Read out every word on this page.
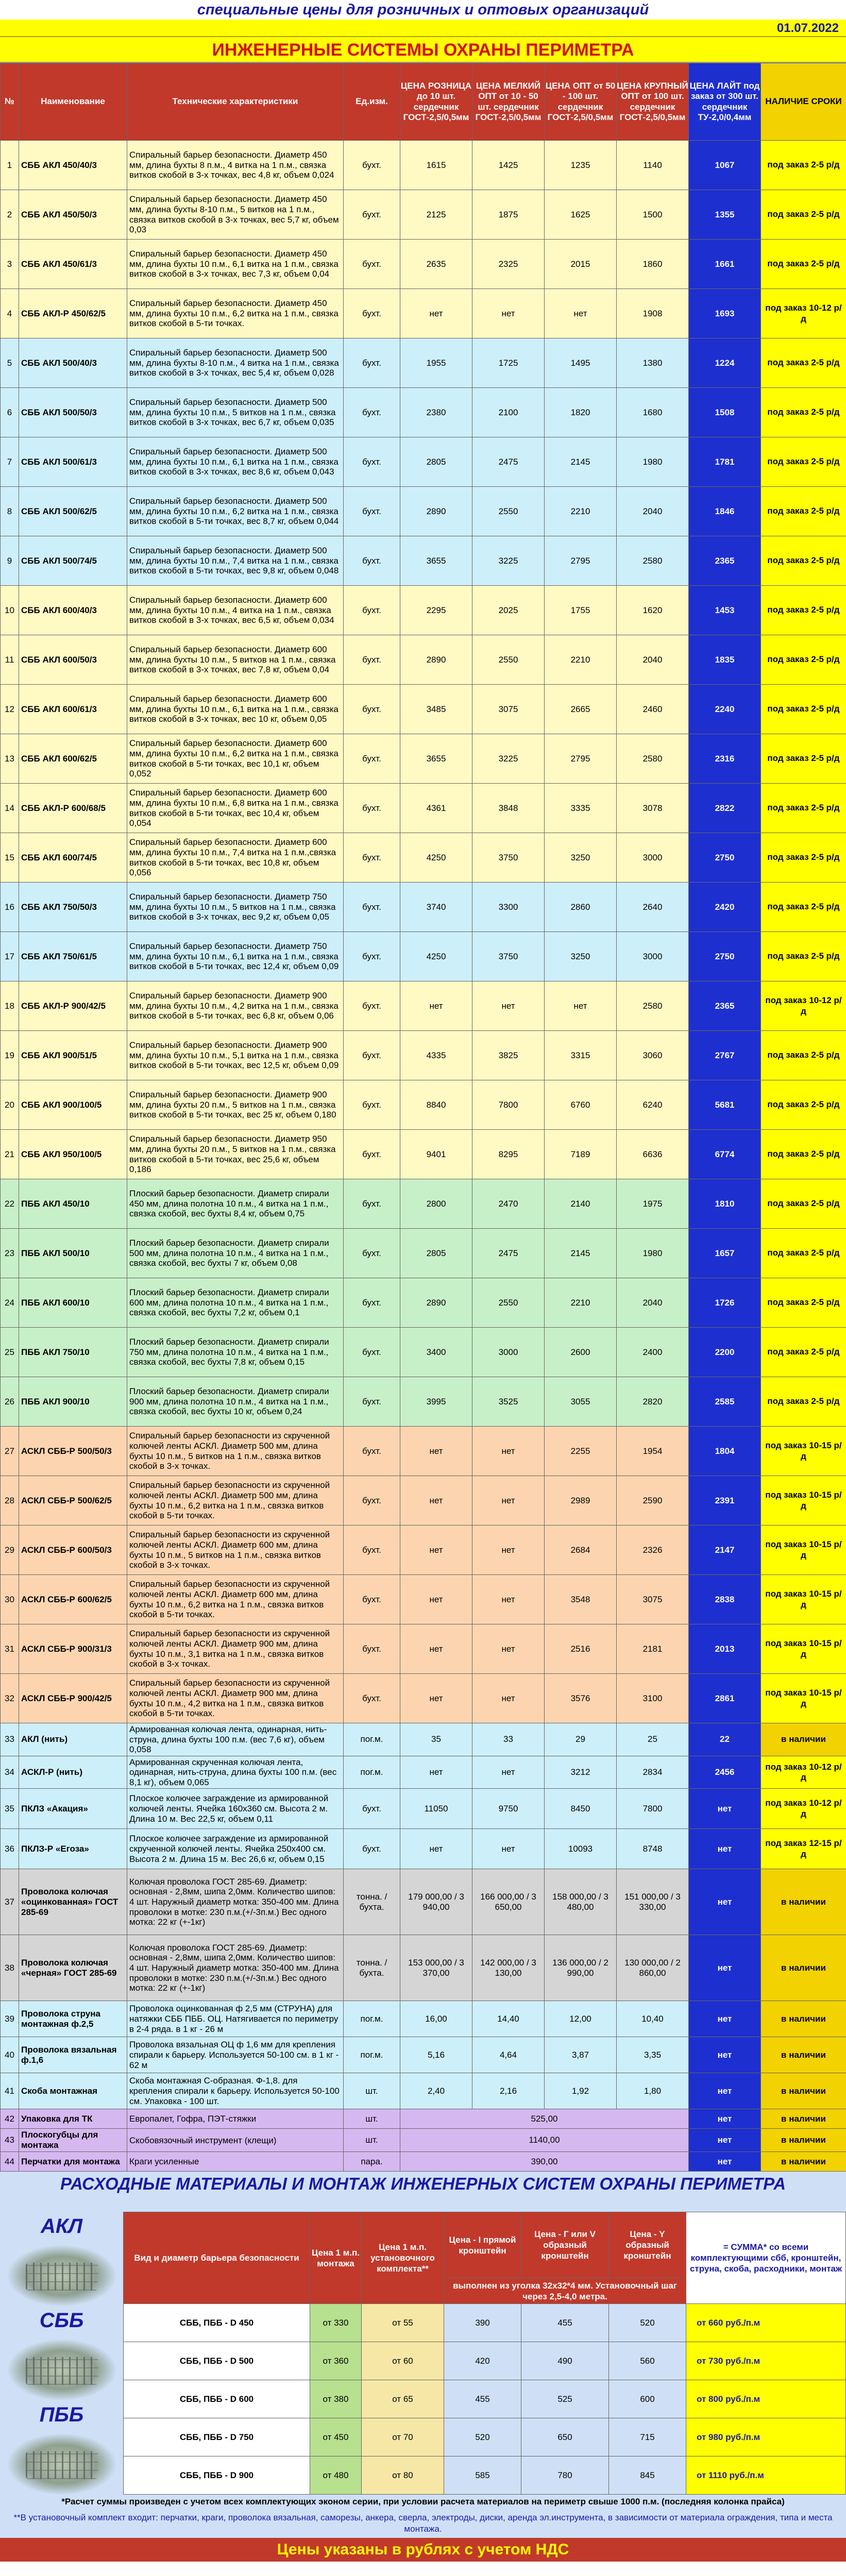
специальные цены для розничных и оптовых организаций
01.07.2022
ИНЖЕНЕРНЫЕ СИСТЕМЫ ОХРАНЫ ПЕРИМЕТРА
№	Наименование	Технические характеристики	Ед.изм.	ЦЕНА РОЗНИЦА до 10 шт. сердечник ГОСТ-2,5/0,5мм	ЦЕНА МЕЛКИЙ ОПТ от 10 - 50 шт. сердечник ГОСТ-2,5/0,5мм	ЦЕНА ОПТ от 50 - 100 шт. сердечник ГОСТ-2,5/0,5мм	ЦЕНА КРУПНЫЙ ОПТ от 100 шт. сердечник ГОСТ-2,5/0,5мм	ЦЕНА ЛАЙТ под заказ от 300 шт. сердечник ТУ-2,0/0,4мм	НАЛИЧИЕ СРОКИ
1	СББ АКЛ 450/40/3	Спиральный барьер безопасности. Диаметр 450 мм, длина бухты 8 п.м., 4 витка на 1 п.м., связка витков скобой в 3-х точках, вес 4,8 кг, объем 0,024	бухт.	1615	1425	1235	1140	1067	под заказ 2-5 р/д
2	СББ АКЛ 450/50/3	Спиральный барьер безопасности. Диаметр 450 мм, длина бухты 8-10 п.м., 5 витков на 1 п.м., связка витков скобой в 3-х точках, вес 5,7 кг, объем 0,03	бухт.	2125	1875	1625	1500	1355	под заказ 2-5 р/д
3	СББ АКЛ 450/61/3	Спиральный барьер безопасности. Диаметр 450 мм, длина бухты 10 п.м., 6,1 витка на 1 п.м., связка витков скобой в 3-х точках, вес 7,3 кг, объем 0,04	бухт.	2635	2325	2015	1860	1661	под заказ 2-5 р/д
4	СББ АКЛ-Р 450/62/5	Спиральный барьер безопасности. Диаметр 450 мм, длина бухты 10 п.м., 6,2 витка на 1 п.м., связка витков скобой в 5-ти точках.	бухт.	нет	нет	нет	1908	1693	под заказ 10-12 р/д
5	СББ АКЛ 500/40/3	Спиральный барьер безопасности. Диаметр 500 мм, длина бухты 8-10 п.м., 4 витка на 1 п.м., связка витков скобой в 3-х точках, вес 5,4 кг, объем 0,028	бухт.	1955	1725	1495	1380	1224	под заказ 2-5 р/д
6	СББ АКЛ 500/50/3	Спиральный барьер безопасности. Диаметр 500 мм, длина бухты 10 п.м., 5 витков на 1 п.м., связка витков скобой в 3-х точках, вес 6,7 кг, объем 0,035	бухт.	2380	2100	1820	1680	1508	под заказ 2-5 р/д
7	СББ АКЛ 500/61/3	Спиральный барьер безопасности. Диаметр 500 мм, длина бухты 10 п.м., 6,1 витка на 1 п.м., связка витков скобой в 3-х точках, вес 8,6 кг, объем 0,043	бухт.	2805	2475	2145	1980	1781	под заказ 2-5 р/д
8	СББ АКЛ 500/62/5	Спиральный барьер безопасности. Диаметр 500 мм, длина бухты 10 п.м., 6,2 витка на 1 п.м., связка витков скобой в 5-ти точках, вес 8,7 кг, объем 0,044	бухт.	2890	2550	2210	2040	1846	под заказ 2-5 р/д
9	СББ АКЛ 500/74/5	Спиральный барьер безопасности. Диаметр 500 мм, длина бухты 10 п.м., 7,4 витка на 1 п.м., связка витков скобой в 5-ти точках, вес 9,8 кг, объем 0,048	бухт.	3655	3225	2795	2580	2365	под заказ 2-5 р/д
10	СББ АКЛ 600/40/3	Спиральный барьер безопасности. Диаметр 600 мм, длина бухты 10 п.м., 4 витка на 1 п.м., связка витков скобой в 3-х точках, вес 6,5 кг, объем 0,034	бухт.	2295	2025	1755	1620	1453	под заказ 2-5 р/д
11	СББ АКЛ 600/50/3	Спиральный барьер безопасности. Диаметр 600 мм, длина бухты 10 п.м., 5 витков на 1 п.м., связка витков скобой в 3-х точках, вес 7,8 кг, объем 0,04	бухт.	2890	2550	2210	2040	1835	под заказ 2-5 р/д
12	СББ АКЛ 600/61/3	Спиральный барьер безопасности. Диаметр 600 мм, длина бухты 10 п.м., 6,1 витка на 1 п.м., связка витков скобой в 3-х точках, вес 10 кг, объем 0,05	бухт.	3485	3075	2665	2460	2240	под заказ 2-5 р/д
13	СББ АКЛ 600/62/5	Спиральный барьер безопасности. Диаметр 600 мм, длина бухты 10 п.м., 6,2 витка на 1 п.м., связка витков скобой в 5-ти точках, вес 10,1 кг, объем 0,052	бухт.	3655	3225	2795	2580	2316	под заказ 2-5 р/д
14	СББ АКЛ-Р 600/68/5	Спиральный барьер безопасности. Диаметр 600 мм, длина бухты 10 п.м., 6,8 витка на 1 п.м., связка витков скобой в 5-ти точках, вес 10,4 кг, объем 0,054	бухт.	4361	3848	3335	3078	2822	под заказ 2-5 р/д
15	СББ АКЛ 600/74/5	Спиральный барьер безопасности. Диаметр 600 мм, длина бухты 10 п.м., 7,4 витка на 1 п.м.,связка витков скобой в 5-ти точках, вес 10,8 кг, объем 0,056	бухт.	4250	3750	3250	3000	2750	под заказ 2-5 р/д
16	СББ АКЛ 750/50/3	Спиральный барьер безопасности. Диаметр 750 мм, длина бухты 10 п.м., 5 витков на 1 п.м., связка витков скобой в 3-х точках, вес 9,2 кг, объем 0,05	бухт.	3740	3300	2860	2640	2420	под заказ 2-5 р/д
17	СББ АКЛ 750/61/5	Спиральный барьер безопасности. Диаметр 750 мм, длина бухты 10 п.м., 6,1 витка на 1 п.м., связка витков скобой в 5-ти точках, вес 12,4 кг, объем 0,09	бухт.	4250	3750	3250	3000	2750	под заказ 2-5 р/д
18	СББ АКЛ-Р 900/42/5	Спиральный барьер безопасности. Диаметр 900 мм, длина бухты 10 п.м., 4,2 витка на 1 п.м., связка витков скобой в 5-ти точках, вес 6,8 кг, объем 0,06	бухт.	нет	нет	нет	2580	2365	под заказ 10-12 р/д
19	СББ АКЛ 900/51/5	Спиральный барьер безопасности. Диаметр 900 мм, длина бухты 10 п.м., 5,1 витка на 1 п.м., связка витков скобой в 5-ти точках, вес 12,5 кг, объем 0,09	бухт.	4335	3825	3315	3060	2767	под заказ 2-5 р/д
20	СББ АКЛ 900/100/5	Спиральный барьер безопасности. Диаметр 900 мм, длина бухты 20 п.м., 5 витков на 1 п.м., связка витков скобой в 5-ти точках, вес 25 кг, объем 0,180	бухт.	8840	7800	6760	6240	5681	под заказ 2-5 р/д
21	СББ АКЛ 950/100/5	Спиральный барьер безопасности. Диаметр 950 мм, длина бухты 20 п.м., 5 витков на 1 п.м., связка витков скобой в 5-ти точках, вес 25,6 кг, объем 0,186	бухт.	9401	8295	7189	6636	6774	под заказ 2-5 р/д
22	ПББ АКЛ 450/10	Плоский барьер безопасности. Диаметр спирали 450 мм, длина полотна 10 п.м., 4 витка на 1 п.м., связка скобой, вес бухты 8,4 кг, объем 0,75	бухт.	2800	2470	2140	1975	1810	под заказ 2-5 р/д
23	ПББ АКЛ 500/10	Плоский барьер безопасности. Диаметр спирали 500 мм, длина полотна 10 п.м., 4 витка на 1 п.м., связка скобой, вес бухты 7 кг, объем 0,08	бухт.	2805	2475	2145	1980	1657	под заказ 2-5 р/д
24	ПББ АКЛ 600/10	Плоский барьер безопасности. Диаметр спирали 600 мм, длина полотна 10 п.м., 4 витка на 1 п.м., связка скобой, вес бухты 7,2 кг, объем 0,1	бухт.	2890	2550	2210	2040	1726	под заказ 2-5 р/д
25	ПББ АКЛ 750/10	Плоский барьер безопасности. Диаметр спирали 750 мм, длина полотна 10 п.м., 4 витка на 1 п.м., связка скобой, вес бухты 7,8 кг, объем 0,15	бухт.	3400	3000	2600	2400	2200	под заказ 2-5 р/д
26	ПББ АКЛ 900/10	Плоский барьер безопасности. Диаметр спирали 900 мм, длина полотна 10 п.м., 4 витка на 1 п.м., связка скобой, вес бухты 10 кг, объем 0,24	бухт.	3995	3525	3055	2820	2585	под заказ 2-5 р/д
27	АСКЛ СББ-Р 500/50/3	Спиральный барьер безопасности из скрученной колючей ленты АСКЛ. Диаметр 500 мм, длина бухты 10 п.м., 5 витков на 1 п.м., связка витков скобой в 3-х точках.	бухт.	нет	нет	2255	1954	1804	под заказ 10-15 р/д
28	АСКЛ СББ-Р 500/62/5	Спиральный барьер безопасности из скрученной колючей ленты АСКЛ. Диаметр 500 мм, длина бухты 10 п.м., 6,2 витка на 1 п.м., связка витков скобой в 5-ти точках.	бухт.	нет	нет	2989	2590	2391	под заказ 10-15 р/д
29	АСКЛ СББ-Р 600/50/3	Спиральный барьер безопасности из скрученной колючей ленты АСКЛ. Диаметр 600 мм, длина бухты 10 п.м., 5 витков на 1 п.м., связка витков скобой в 3-х точках.	бухт.	нет	нет	2684	2326	2147	под заказ 10-15 р/д
30	АСКЛ СББ-Р 600/62/5	Спиральный барьер безопасности из скрученной колючей ленты АСКЛ. Диаметр 600 мм, длина бухты 10 п.м., 6,2 витка на 1 п.м., связка витков скобой в 5-ти точках.	бухт.	нет	нет	3548	3075	2838	под заказ 10-15 р/д
31	АСКЛ СББ-Р 900/31/3	Спиральный барьер безопасности из скрученной колючей ленты АСКЛ. Диаметр 900 мм, длина бухты 10 п.м., 3,1 витка на 1 п.м., связка витков скобой в 3-х точках.	бухт.	нет	нет	2516	2181	2013	под заказ 10-15 р/д
32	АСКЛ СББ-Р 900/42/5	Спиральный барьер безопасности из скрученной колючей ленты АСКЛ. Диаметр 900 мм, длина бухты 10 п.м., 4,2 витка на 1 п.м., связка витков скобой в 5-ти точках.	бухт.	нет	нет	3576	3100	2861	под заказ 10-15 р/д
33	АКЛ (нить)	Армированная колючая лента, одинарная, нить-струна, длина бухты 100 п.м. (вес 7,6 кг), объем 0,058	пог.м.	35	33	29	25	22	в наличии
34	АСКЛ-Р (нить)	Армированная скрученная колючая лента, одинарная, нить-струна, длина бухты 100 п.м. (вес 8,1 кг), объем 0,065	пог.м.	нет	нет	3212	2834	2456	под заказ 10-12 р/д
35	ПКЛЗ «Акация»	Плоское колючее заграждение из армированной колючей ленты. Ячейка 160х360 см. Высота 2 м. Длина 10 м. Вес 22,5 кг, объем 0,11	бухт.	11050	9750	8450	7800	нет	под заказ 10-12 р/д
36	ПКЛЗ-Р «Егоза»	Плоское колючее заграждение из армированной скрученной колючей ленты. Ячейка 250х400 см. Высота 2 м. Длина 15 м. Вес 26,6 кг, объем 0,15	бухт.	нет	нет	10093	8748	нет	под заказ 12-15 р/д
37	Проволока колючая «оцинкованная» ГОСТ 285-69	Колючая проволока ГОСТ 285-69. Диаметр: основная - 2,8мм, шипа 2,0мм. Количество шипов: 4 шт. Наружный диаметр мотка: 350-400 мм. Длина проволоки в мотке: 230 п.м.(+/-3п.м.) Вес одного мотка: 22 кг (+-1кг)	тонна. / бухта.	179 000,00 / 3 940,00	166 000,00 / 3 650,00	158 000,00 / 3 480,00	151 000,00 / 3 330,00	нет	в наличии
38	Проволока колючая «черная» ГОСТ 285-69	Колючая проволока ГОСТ 285-69. Диаметр: основная - 2,8мм, шипа 2,0мм. Количество шипов: 4 шт. Наружный диаметр мотка: 350-400 мм. Длина проволоки в мотке: 230 п.м.(+/-3п.м.) Вес одного мотка: 22 кг (+-1кг)	тонна. / бухта.	153 000,00 / 3 370,00	142 000,00 / 3 130,00	136 000,00 / 2 990,00	130 000,00 / 2 860,00	нет	в наличии
39	Проволока струна монтажная ф.2,5	Проволока оцинкованная ф 2,5 мм (СТРУНА) для натяжки СББ ПББ. ОЦ. Натягивается по периметру в 2-4 ряда. в 1 кг - 26 м	пог.м.	16,00	14,40	12,00	10,40	нет	в наличии
40	Проволока вязальная ф.1,6	Проволока вязальная ОЦ ф 1,6 мм для крепления спирали к барьеру. Используется 50-100 см. в 1 кг - 62 м	пог.м.	5,16	4,64	3,87	3,35	нет	в наличии
41	Скоба монтажная	Скоба монтажная С-образная. Ф-1,8. для крепления спирали к барьеру. Используется 50-100 см. Упаковка - 100 шт.	шт.	2,40	2,16	1,92	1,80	нет	в наличии
42	Упаковка для ТК	Европалет, Гофра, ПЭТ-стяжки	шт.	525,00				нет	в наличии
43	Плоскогубцы для монтажа	Скобовязочный инструмент (клещи)	шт.	1140,00				нет	в наличии
44	Перчатки для монтажа	Краги усиленные	пара.	390,00				нет	в наличии
РАСХОДНЫЕ МАТЕРИАЛЫ И МОНТАЖ ИНЖЕНЕРНЫХ СИСТЕМ ОХРАНЫ ПЕРИМЕТРА
АКЛ
СББ
ПББ
Вид и диаметр барьера безопасности	Цена 1 м.п. монтажа	Цена 1 м.п. установочного комплекта**	Цена - I прямой кронштейн	Цена - Г или V образный кронштейн	Цена - Y образный кронштейн	= СУММА* со всеми комплектующими сбб, кронштейн, струна, скоба, расходники, монтаж
			выполнен из уголка 32х32*4 мм. Установочный шаг через 2,5-4,0 метра.			
СББ, ПББ - D 450	от 330	от 55	390	455	520	от 660 руб./п.м
СББ, ПББ - D 500	от 360	от 60	420	490	560	от 730 руб./п.м
СББ, ПББ - D 600	от 380	от 65	455	525	600	от 800 руб./п.м
СББ, ПББ - D 750	от 450	от 70	520	650	715	от 980 руб./п.м
СББ, ПББ - D 900	от 480	от 80	585	780	845	от 1110 руб./п.м
*Расчет суммы произведен с учетом всех комплектующих эконом серии, при условии расчета материалов на периметр свыше 1000 п.м. (последняя колонка прайса)
**В установочный комплект входит: перчатки, краги, проволока вязальная, саморезы, анкера, сверла, электроды, диски, аренда эл.инструмента, в зависимости от материала ограждения, типа и места монтажа.
Цены указаны в рублях с учетом НДС
